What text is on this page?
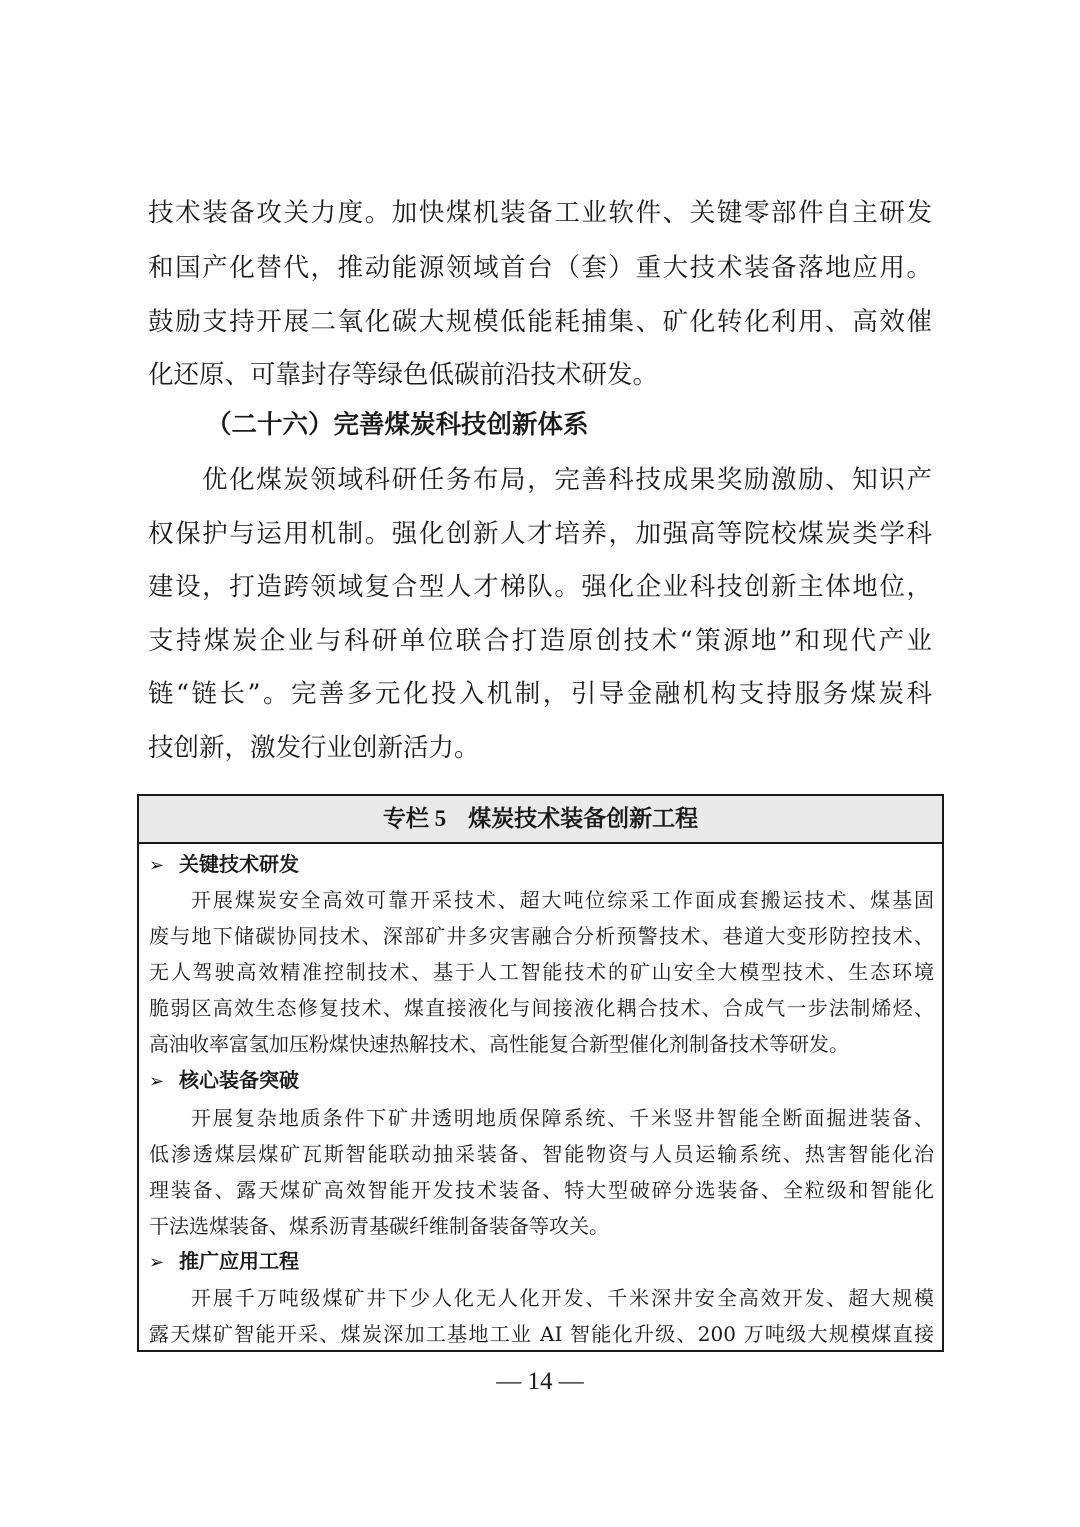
技术装备攻关力度。加快煤机装备工业软件、关键零部件自主研发
和国产化替代，推动能源领域首台（套）重大技术装备落地应用。
鼓励支持开展二氧化碳大规模低能耗捕集、矿化转化利用、高效催
化还原、可靠封存等绿色低碳前沿技术研发。
（二十六）完善煤炭科技创新体系
优化煤炭领域科研任务布局，完善科技成果奖励激励、知识产
权保护与运用机制。强化创新人才培养，加强高等院校煤炭类学科
建设，打造跨领域复合型人才梯队。强化企业科技创新主体地位，
支持煤炭企业与科研单位联合打造原创技术“策源地”和现代产业
链“链长”。完善多元化投入机制，引导金融机构支持服务煤炭科
技创新，激发行业创新活力。
专栏 5 煤炭技术装备创新工程
➢ 关键技术研发
开展煤炭安全高效可靠开采技术、超大吨位综采工作面成套搬运技术、煤基固
废与地下储碳协同技术、深部矿井多灾害融合分析预警技术、巷道大变形防控技术、
无人驾驶高效精准控制技术、基于人工智能技术的矿山安全大模型技术、生态环境
脆弱区高效生态修复技术、煤直接液化与间接液化耦合技术、合成气一步法制烯烃、
高油收率富氢加压粉煤快速热解技术、高性能复合新型催化剂制备技术等研发。
➢ 核心装备突破
开展复杂地质条件下矿井透明地质保障系统、千米竖井智能全断面掘进装备、
低渗透煤层煤矿瓦斯智能联动抽采装备、智能物资与人员运输系统、热害智能化治
理装备、露天煤矿高效智能开发技术装备、特大型破碎分选装备、全粒级和智能化
干法选煤装备、煤系沥青基碳纤维制备装备等攻关。
➢ 推广应用工程
开展千万吨级煤矿井下少人化无人化开发、千米深井安全高效开发、超大规模
露天煤矿智能开采、煤炭深加工基地工业 AI 智能化升级、200 万吨级大规模煤直接
— 14 —
